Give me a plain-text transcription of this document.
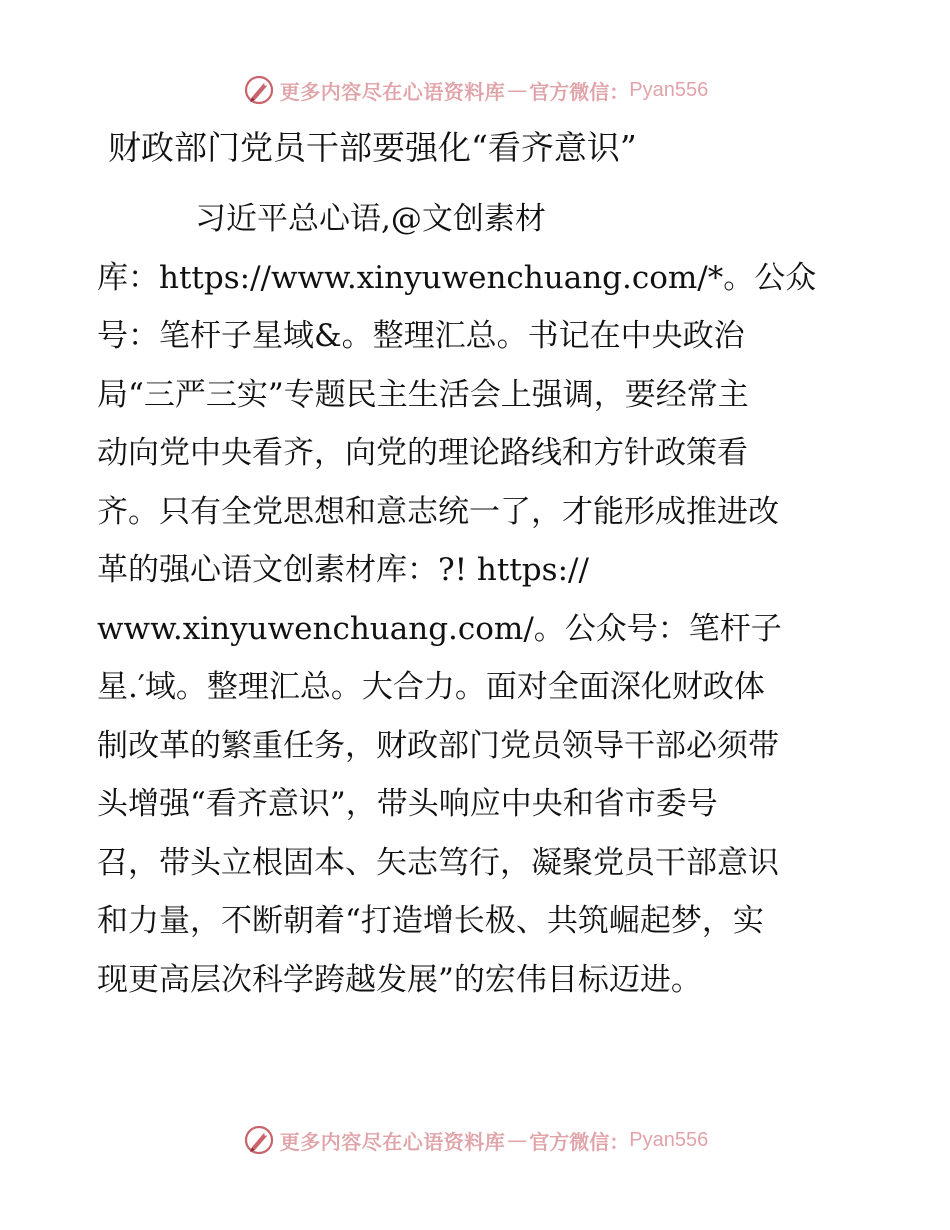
更多内容尽在心语资料库 — 官方微信： Pyan556
财政部门党员干部要强化“看齐意识”
习近平总心语,@文创素材
库：https://www.xinyuwenchuang.com/*。公众
号：笔杆子星域&。整理汇总。书记在中央政治
局“三严三实”专题民主生活会上强调，要经常主
动向党中央看齐，向党的理论路线和方针政策看
齐。只有全党思想和意志统一了，才能形成推进改
革的强心语文创素材库：?! https://
www.xinyuwenchuang.com/。公众号：笔杆子
星.′域。整理汇总。大合力。面对全面深化财政体
制改革的繁重任务，财政部门党员领导干部必须带
头增强“看齐意识”，带头响应中央和省市委号
召，带头立根固本、矢志笃行，凝聚党员干部意识
和力量，不断朝着“打造增长极、共筑崛起梦，实
现更高层次科学跨越发展”的宏伟目标迈进。
更多内容尽在心语资料库 — 官方微信： Pyan556
